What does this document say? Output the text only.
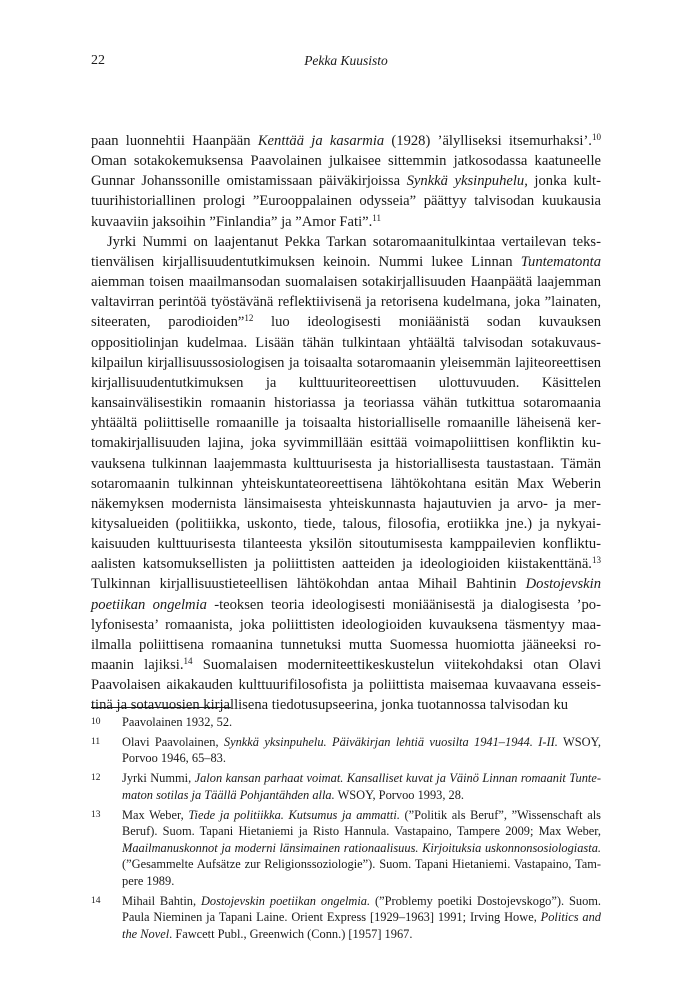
22	Pekka Kuusisto

paan luonnehtii Haanpään Kenttää ja kasarmia (1928) ’älylliseksi itsemurhaksi’.$^{10}$ Oman sotakokemuksensa Paavolainen julkaisee sittemmin jatkosodassa kaatuneelle Gunnar Johanssonille omistamissaan päiväkirjoissa Synkkä yksinpuhelu, jonka kulttuurihistoriallinen prologi ”Eurooppalainen odysseia” päättyy talvisodan kuukausia kuvaaviin jaksoihin ”Finlandia” ja ”Amor Fati”.$^{11}$

Jyrki Nummi on laajentanut Pekka Tarkan sotaromaanitulkintaa vertailevan tekstienvälisen kirjallisuudentutkimuksen keinoin. Nummi lukee Linnan Tuntematonta aiemman toisen maailmansodan suomalaisen sotakirjallisuuden Haanpäätä laajemman valtavirran perintöä työstävänä reflektiivisenä ja retorisena kudelmana, joka ”lainaten, siteeraten, parodioiden”$^{12}$ luo ideologisesti moniäänistä sodan kuvauksen oppositiolinjan kudelmaa. Lisään tähän tulkintaan yhtäältä talvisodan sotakuvauskilpailun kirjallisuussosiologisen ja toisaalta sotaromaanin yleisemmän lajiteoreettisen kirjallisuudentutkimuksen ja kulttuuriteoreettisen ulottuvuuden. Käsittelen kansainvälisestikin romaanin historiassa ja teoriassa vähän tutkittua sotaromaania yhtäältä poliittiselle romaanille ja toisaalta historialliselle romaanille läheisenä kertomakirjallisuuden lajina, joka syvimmillään esittää voimapoliittisen konfliktin kuvauksena tulkinnan laajemmasta kulttuurisesta ja historiallisesta taustastaan. Tämän sotaromaanin tulkinnan yhteiskuntateoreettisena lähtökohtana esitän Max Weberin näkemyksen modernista länsimaisesta yhteiskunnasta hajautuvien ja arvo- ja merkitysalueiden (politiikka, uskonto, tiede, talous, filosofia, erotiikka jne.) ja nykyaikaisuuden kulttuurisesta tilanteesta yksilön sitoutumisesta kamppailevien konfliktuaalisten katsomuksellisten ja poliittisten aatteiden ja ideologioiden kiistakenttänä.$^{13}$ Tulkinnan kirjallisuustieteellisen lähtökohdan antaa Mihail Bahtinin Dostojevskin poetiikan ongelmia -teoksen teoria ideologisesti moniäänisestä ja dialogisesta ’polyfonisesta’ romaanista, joka poliittisten ideologioiden kuvauksena täsmentyy maailmalla poliittisena romaanina tunnetuksi mutta Suomessa huomiotta jääneeksi romaanin lajiksi.$^{14}$ Suomalaisen moderniteettikeskustelun viitekohdaksi otan Olavi Paavolaisen aikakauden kulttuurifilosofista ja poliittista maisemaa kuvaavana esseistinä ja sotavuosien kirjallisena tiedotusupseerina, jonka tuotannossa talvisodan ku

10 Paavolainen 1932, 52.
11 Olavi Paavolainen, Synkkä yksinpuhelu. Päiväkirjan lehtiä vuosilta 1941–1944. I-II. WSOY, Porvoo 1946, 65–83.
12 Jyrki Nummi, Jalon kansan parhaat voimat. Kansalliset kuvat ja Väinö Linnan romaanit Tuntematon sotilas ja Täällä Pohjantähden alla. WSOY, Porvoo 1993, 28.
13 Max Weber, Tiede ja politiikka. Kutsumus ja ammatti. (”Politik als Beruf”, ”Wissenschaft als Beruf). Suom. Tapani Hietaniemi ja Risto Hannula. Vastapaino, Tampere 2009; Max Weber, Maailmanuskonnot ja moderni länsimainen rationaalisuus. Kirjoituksia uskonnonsosiologiasta. (”Gesammelte Aufsätze zur Religionssoziologie”). Suom. Tapani Hietaniemi. Vastapaino, Tampere 1989.
14 Mihail Bahtin, Dostojevskin poetiikan ongelmia. (”Problemy poetiki Dostojevskogo”). Suom. Paula Nieminen ja Tapani Laine. Orient Express [1929–1963] 1991; Irving Howe, Politics and the Novel. Fawcett Publ., Greenwich (Conn.) [1957] 1967.
